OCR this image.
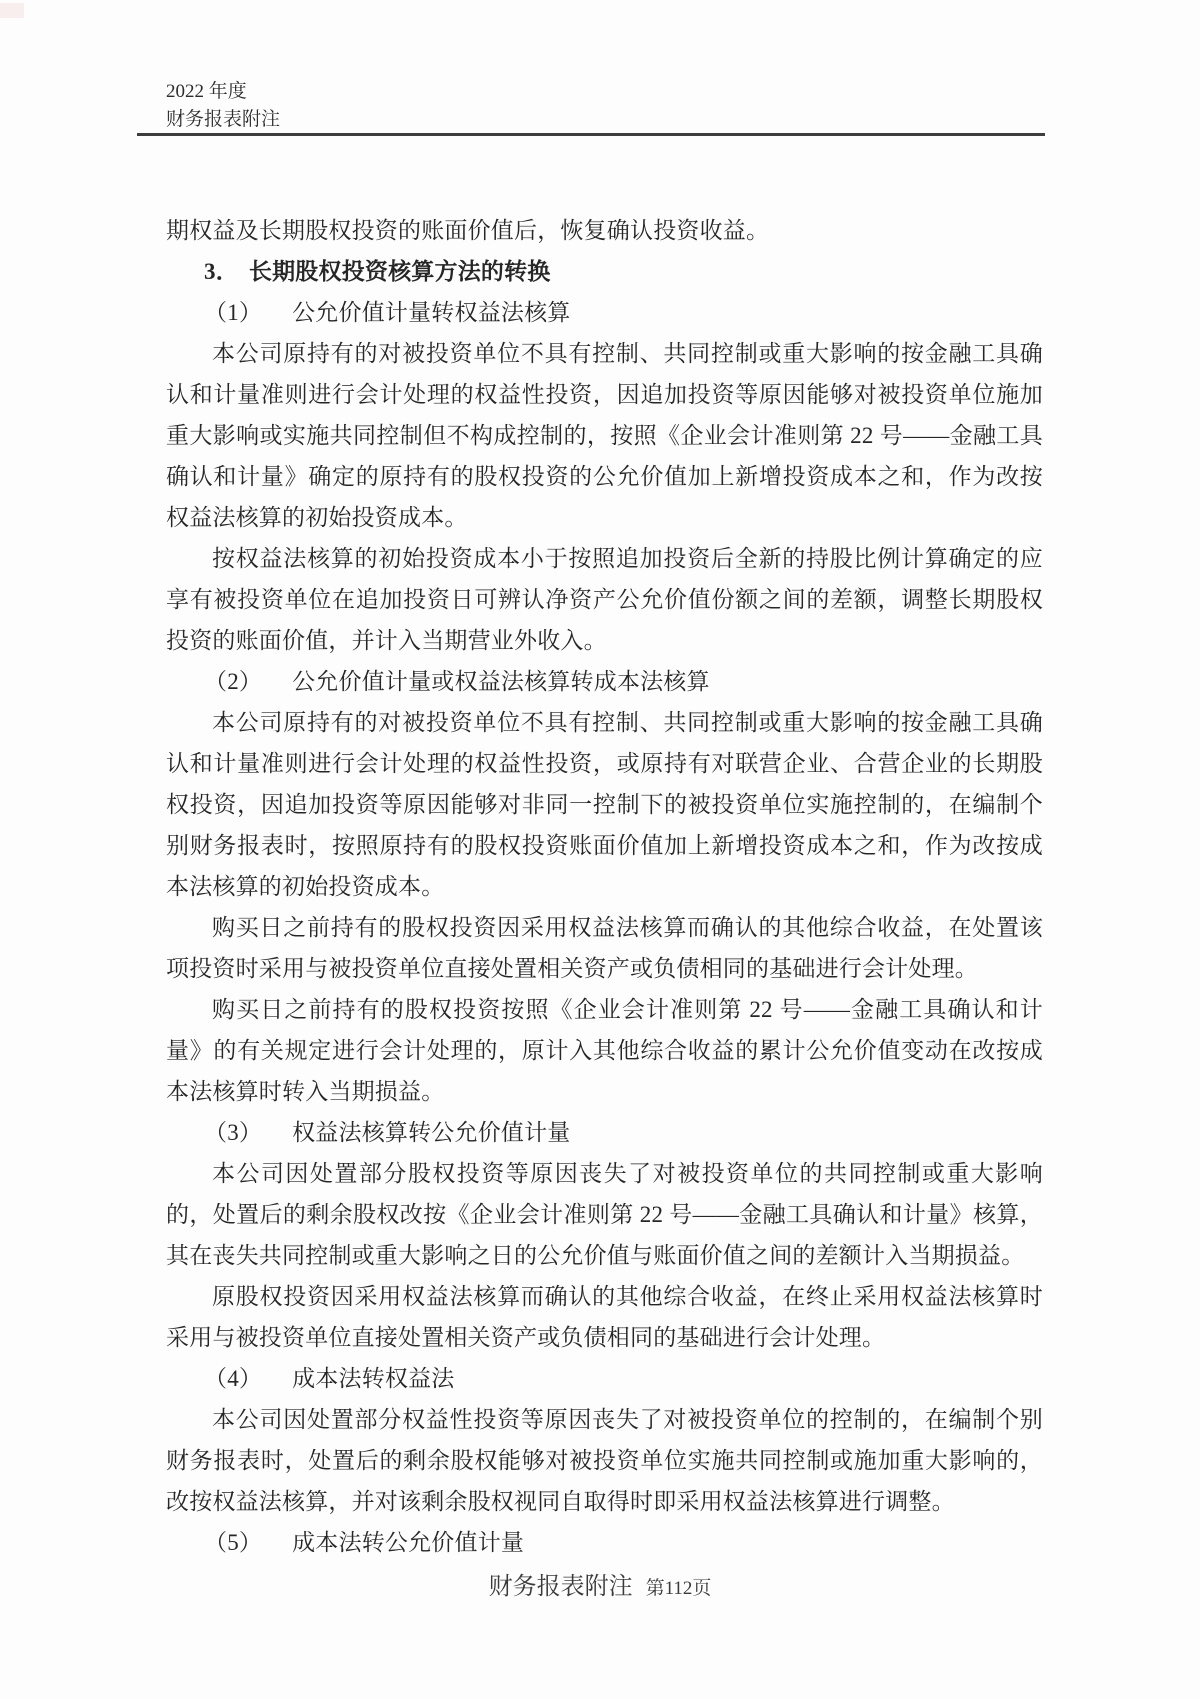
2022 年度
财务报表附注

期权益及长期股权投资的账面价值后，恢复确认投资收益。

3． 长期股权投资核算方法的转换

（1） 公允价值计量转权益法核算

本公司原持有的对被投资单位不具有控制、共同控制或重大影响的按金融工具确认和计量准则进行会计处理的权益性投资，因追加投资等原因能够对被投资单位施加重大影响或实施共同控制但不构成控制的，按照《企业会计准则第 22 号——金融工具确认和计量》确定的原持有的股权投资的公允价值加上新增投资成本之和，作为改按权益法核算的初始投资成本。

按权益法核算的初始投资成本小于按照追加投资后全新的持股比例计算确定的应享有被投资单位在追加投资日可辨认净资产公允价值份额之间的差额，调整长期股权投资的账面价值，并计入当期营业外收入。

（2） 公允价值计量或权益法核算转成本法核算

本公司原持有的对被投资单位不具有控制、共同控制或重大影响的按金融工具确认和计量准则进行会计处理的权益性投资，或原持有对联营企业、合营企业的长期股权投资，因追加投资等原因能够对非同一控制下的被投资单位实施控制的，在编制个别财务报表时，按照原持有的股权投资账面价值加上新增投资成本之和，作为改按成本法核算的初始投资成本。

购买日之前持有的股权投资因采用权益法核算而确认的其他综合收益，在处置该项投资时采用与被投资单位直接处置相关资产或负债相同的基础进行会计处理。

购买日之前持有的股权投资按照《企业会计准则第 22 号——金融工具确认和计量》的有关规定进行会计处理的，原计入其他综合收益的累计公允价值变动在改按成本法核算时转入当期损益。

（3） 权益法核算转公允价值计量

本公司因处置部分股权投资等原因丧失了对被投资单位的共同控制或重大影响的，处置后的剩余股权改按《企业会计准则第 22 号——金融工具确认和计量》核算，其在丧失共同控制或重大影响之日的公允价值与账面价值之间的差额计入当期损益。

原股权投资因采用权益法核算而确认的其他综合收益，在终止采用权益法核算时采用与被投资单位直接处置相关资产或负债相同的基础进行会计处理。

（4） 成本法转权益法

本公司因处置部分权益性投资等原因丧失了对被投资单位的控制的，在编制个别财务报表时，处置后的剩余股权能够对被投资单位实施共同控制或施加重大影响的，改按权益法核算，并对该剩余股权视同自取得时即采用权益法核算进行调整。

（5） 成本法转公允价值计量

财务报表附注 第112页
